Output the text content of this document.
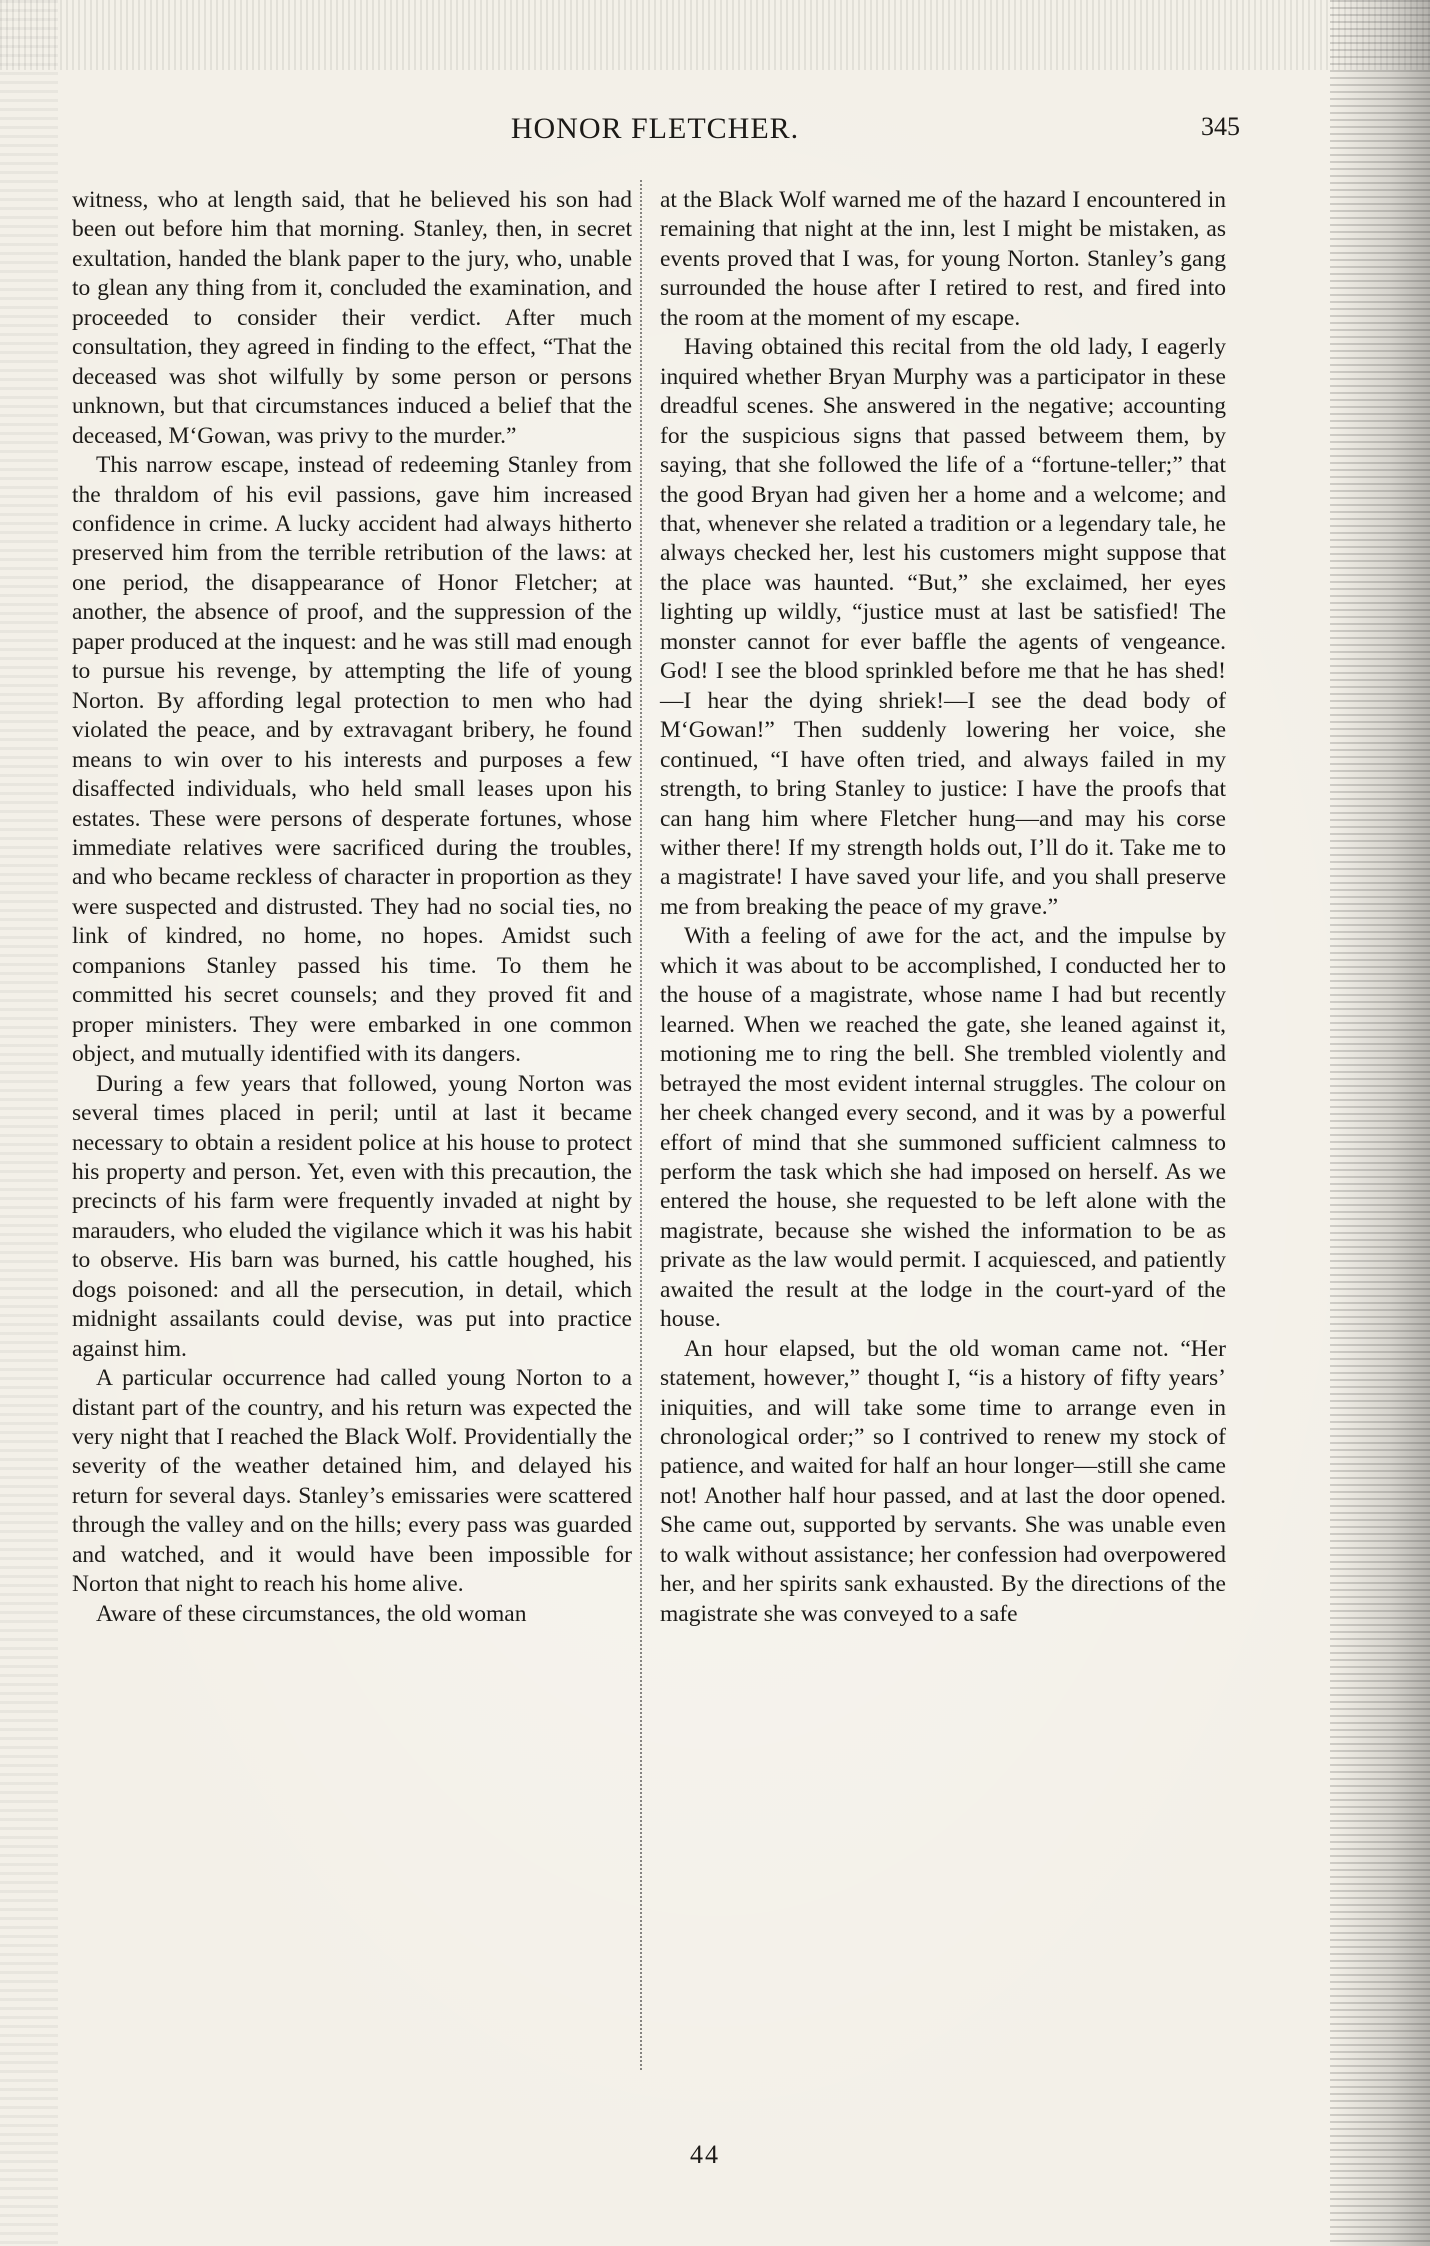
HONOR FLETCHER.	345

witness, who at length said, that he believed his son had been out before him that morning. Stanley, then, in secret exultation, handed the blank paper to the jury, who, unable to glean any thing from it, concluded the examination, and proceeded to consider their verdict. After much consultation, they agreed in finding to the effect, “That the deceased was shot wilfully by some person or persons unknown, but that circumstances induced a belief that the deceased, M‘Gowan, was privy to the murder.”

This narrow escape, instead of redeeming Stanley from the thraldom of his evil passions, gave him increased confidence in crime. A lucky accident had always hitherto preserved him from the terrible retribution of the laws: at one period, the disappearance of Honor Fletcher; at another, the absence of proof, and the suppression of the paper produced at the inquest: and he was still mad enough to pursue his revenge, by attempting the life of young Norton. By affording legal protection to men who had violated the peace, and by extravagant bribery, he found means to win over to his interests and purposes a few disaffected individuals, who held small leases upon his estates. These were persons of desperate fortunes, whose immediate relatives were sacrificed during the troubles, and who became reckless of character in proportion as they were suspected and distrusted. They had no social ties, no link of kindred, no home, no hopes. Amidst such companions Stanley passed his time. To them he committed his secret counsels; and they proved fit and proper ministers. They were embarked in one common object, and mutually identified with its dangers.

During a few years that followed, young Norton was several times placed in peril; until at last it became necessary to obtain a resident police at his house to protect his property and person. Yet, even with this precaution, the precincts of his farm were frequently invaded at night by marauders, who eluded the vigilance which it was his habit to observe. His barn was burned, his cattle houghed, his dogs poisoned: and all the persecution, in detail, which midnight assailants could devise, was put into practice against him.

A particular occurrence had called young Norton to a distant part of the country, and his return was expected the very night that I reached the Black Wolf. Providentially the severity of the weather detained him, and delayed his return for several days. Stanley’s emissaries were scattered through the valley and on the hills; every pass was guarded and watched, and it would have been impossible for Norton that night to reach his home alive.

Aware of these circumstances, the old woman

at the Black Wolf warned me of the hazard I encountered in remaining that night at the inn, lest I might be mistaken, as events proved that I was, for young Norton. Stanley’s gang surrounded the house after I retired to rest, and fired into the room at the moment of my escape.

Having obtained this recital from the old lady, I eagerly inquired whether Bryan Murphy was a participator in these dreadful scenes. She answered in the negative; accounting for the suspicious signs that passed betweem them, by saying, that she followed the life of a “fortune-teller;” that the good Bryan had given her a home and a welcome; and that, whenever she related a tradition or a legendary tale, he always checked her, lest his customers might suppose that the place was haunted. “But,” she exclaimed, her eyes lighting up wildly, “justice must at last be satisfied! The monster cannot for ever baffle the agents of vengeance. God! I see the blood sprinkled before me that he has shed!—I hear the dying shriek!—I see the dead body of M‘Gowan!” Then suddenly lowering her voice, she continued, “I have often tried, and always failed in my strength, to bring Stanley to justice: I have the proofs that can hang him where Fletcher hung—and may his corse wither there! If my strength holds out, I’ll do it. Take me to a magistrate! I have saved your life, and you shall preserve me from breaking the peace of my grave.”

With a feeling of awe for the act, and the impulse by which it was about to be accomplished, I conducted her to the house of a magistrate, whose name I had but recently learned. When we reached the gate, she leaned against it, motioning me to ring the bell. She trembled violently and betrayed the most evident internal struggles. The colour on her cheek changed every second, and it was by a powerful effort of mind that she summoned sufficient calmness to perform the task which she had imposed on herself. As we entered the house, she requested to be left alone with the magistrate, because she wished the information to be as private as the law would permit. I acquiesced, and patiently awaited the result at the lodge in the court-yard of the house.

An hour elapsed, but the old woman came not. “Her statement, however,” thought I, “is a history of fifty years’ iniquities, and will take some time to arrange even in chronological order;” so I contrived to renew my stock of patience, and waited for half an hour longer—still she came not! Another half hour passed, and at last the door opened. She came out, supported by servants. She was unable even to walk without assistance; her confession had overpowered her, and her spirits sank exhausted. By the directions of the magistrate she was conveyed to a safe

44
